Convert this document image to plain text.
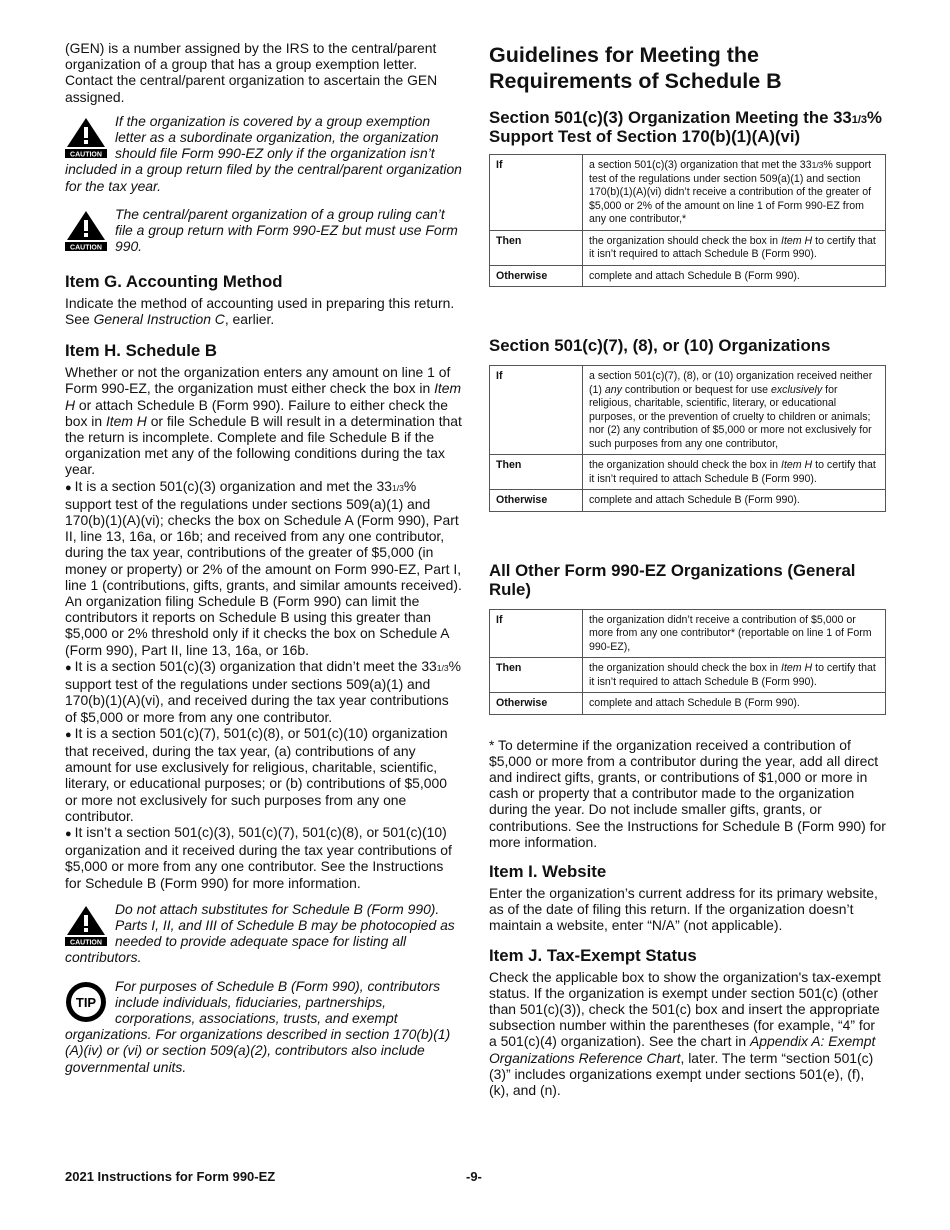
(GEN) is a number assigned by the IRS to the central/parent organization of a group that has a group exemption letter. Contact the central/parent organization to ascertain the GEN assigned.

CAUTION

If the organization is covered by a group exemption letter as a subordinate organization, the organization should file Form 990-EZ only if the organization isn’t included in a group return filed by the central/parent organization for the tax year.

CAUTION

The central/parent organization of a group ruling can’t file a group return with Form 990-EZ but must use Form 990.

Item G. Accounting Method

Indicate the method of accounting used in preparing this return. See General Instruction C, earlier.

Item H. Schedule B

Whether or not the organization enters any amount on line 1 of Form 990-EZ, the organization must either check the box in Item H or attach Schedule B (Form 990). Failure to either check the box in Item H or file Schedule B will result in a determination that the return is incomplete. Complete and file Schedule B if the organization met any of the following conditions during the tax year.

● It is a section 501(c)(3) organization and met the 331/3% support test of the regulations under sections 509(a)(1) and 170(b)(1)(A)(vi); checks the box on Schedule A (Form 990), Part II, line 13, 16a, or 16b; and received from any one contributor, during the tax year, contributions of the greater of $5,000 (in money or property) or 2% of the amount on Form 990-EZ, Part I, line 1 (contributions, gifts, grants, and similar amounts received). An organization filing Schedule B (Form 990) can limit the contributors it reports on Schedule B using this greater than $5,000 or 2% threshold only if it checks the box on Schedule A (Form 990), Part II, line 13, 16a, or 16b.
● It is a section 501(c)(3) organization that didn’t meet the 331/3% support test of the regulations under sections 509(a)(1) and 170(b)(1)(A)(vi), and received during the tax year contributions of $5,000 or more from any one contributor.
● It is a section 501(c)(7), 501(c)(8), or 501(c)(10) organization that received, during the tax year, (a) contributions of any amount for use exclusively for religious, charitable, scientific, literary, or educational purposes; or (b) contributions of $5,000 or more not exclusively for such purposes from any one contributor.
● It isn’t a section 501(c)(3), 501(c)(7), 501(c)(8), or 501(c)(10) organization and it received during the tax year contributions of $5,000 or more from any one contributor. See the Instructions for Schedule B (Form 990) for more information.
CAUTION

Do not attach substitutes for Schedule B (Form 990). Parts I, II, and III of Schedule B may be photocopied as needed to provide adequate space for listing all contributors.

TIP

For purposes of Schedule B (Form 990), contributors include individuals, fiduciaries, partnerships, corporations, associations, trusts, and exempt organizations. For organizations described in section 170(b)(1)(A)(iv) or (vi) or section 509(a)(2), contributors also include governmental units.

Guidelines for Meeting the Requirements of Schedule B
Section 501(c)(3) Organization Meeting the 331/3% Support Test of Section 170(b)(1)(A)(vi)
If	a section 501(c)(3) organization that met the 331/3% support test of the regulations under section 509(a)(1) and section 170(b)(1)(A)(vi) didn’t receive a contribution of the greater of $5,000 or 2% of the amount on line 1 of Form 990-EZ from any one contributor,*
Then	the organization should check the box in Item H to certify that it isn’t required to attach Schedule B (Form 990).
Otherwise	complete and attach Schedule B (Form 990).
Section 501(c)(7), (8), or (10) Organizations
If	a section 501(c)(7), (8), or (10) organization received neither (1) any contribution or bequest for use exclusively for religious, charitable, scientific, literary, or educational purposes, or the prevention of cruelty to children or animals; nor (2) any contribution of $5,000 or more not exclusively for such purposes from any one contributor,
Then	the organization should check the box in Item H to certify that it isn’t required to attach Schedule B (Form 990).
Otherwise	complete and attach Schedule B (Form 990).
All Other Form 990-EZ Organizations (General Rule)
If	the organization didn’t receive a contribution of $5,000 or more from any one contributor* (reportable on line 1 of Form 990-EZ),
Then	the organization should check the box in Item H to certify that it isn’t required to attach Schedule B (Form 990).
Otherwise	complete and attach Schedule B (Form 990).

* To determine if the organization received a contribution of $5,000 or more from a contributor during the year, add all direct and indirect gifts, grants, or contributions of $1,000 or more in cash or property that a contributor made to the organization during the year. Do not include smaller gifts, grants, or contributions. See the Instructions for Schedule B (Form 990) for more information.

Item I. Website

Enter the organization’s current address for its primary website, as of the date of filing this return. If the organization doesn’t maintain a website, enter “N/A” (not applicable).

Item J. Tax-Exempt Status

Check the applicable box to show the organization's tax-exempt status. If the organization is exempt under section 501(c) (other than 501(c)(3)), check the 501(c) box and insert the appropriate subsection number within the parentheses (for example, “4” for a 501(c)(4) organization). See the chart in Appendix A: Exempt Organizations Reference Chart, later. The term “section 501(c)(3)” includes organizations exempt under sections 501(e), (f), (k), and (n).

2021 Instructions for Form 990-EZ	-9-
